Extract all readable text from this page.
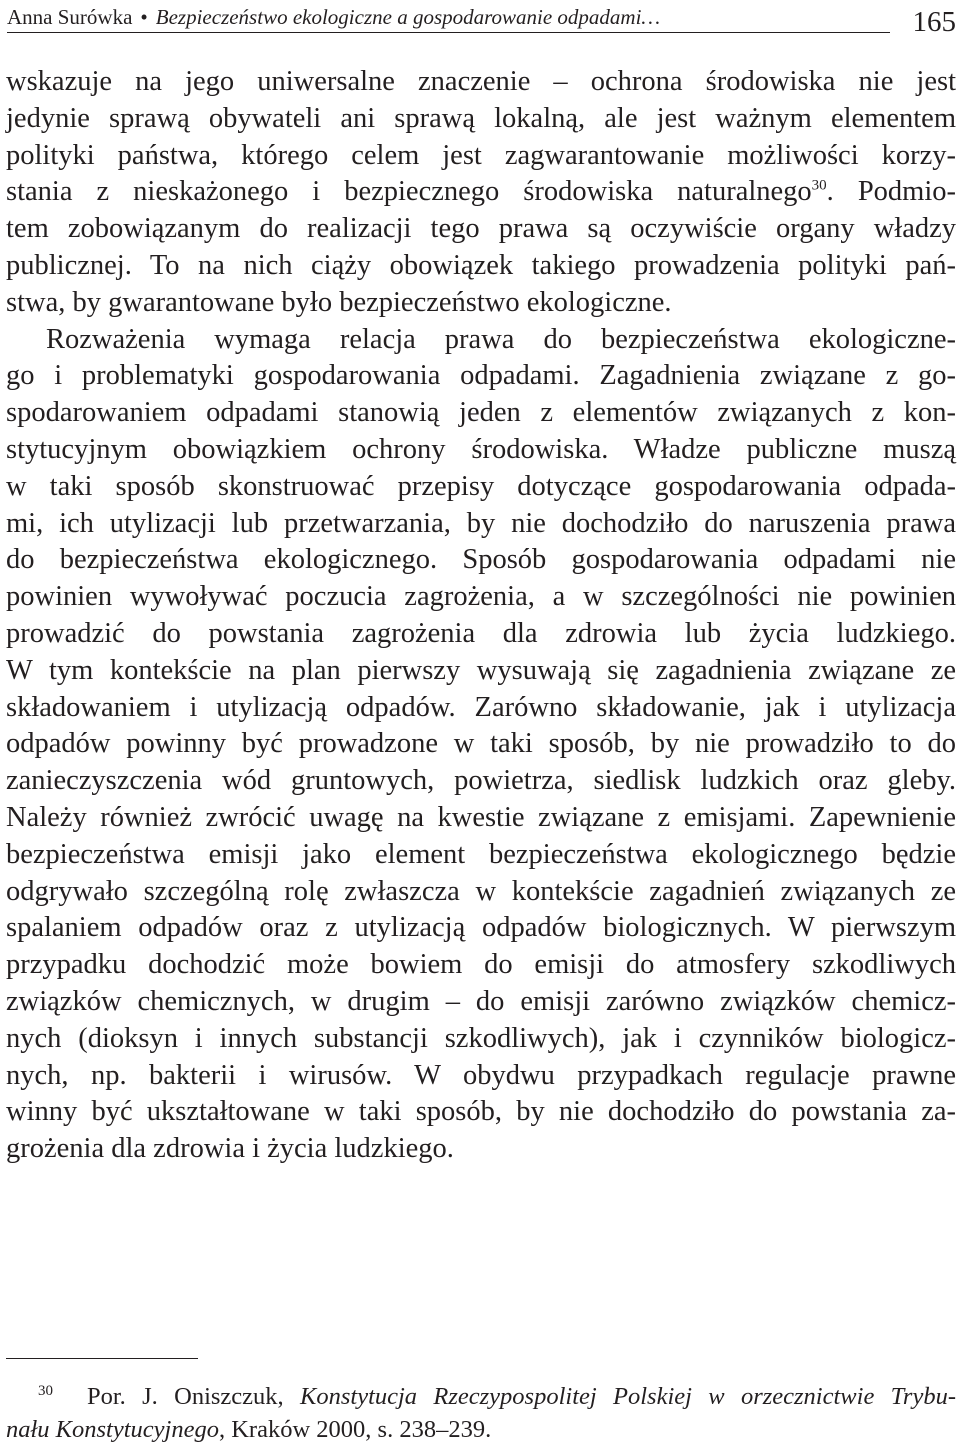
Anna Surówka • Bezpieczeństwo ekologiczne a gospodarowanie odpadami…	165
wskazuje na jego uniwersalne znaczenie – ochrona środowiska nie jest
jedynie sprawą obywateli ani sprawą lokalną, ale jest ważnym elementem
polityki państwa, którego celem jest zagwarantowanie możliwości korzy-
stania z nieskażonego i bezpiecznego środowiska naturalnego$^{30}$. Podmio-
tem zobowiązanym do realizacji tego prawa są oczywiście organy władzy
publicznej. To na nich ciąży obowiązek takiego prowadzenia polityki pań-
stwa, by gwarantowane było bezpieczeństwo ekologiczne.
Rozważenia wymaga relacja prawa do bezpieczeństwa ekologiczne-
go i problematyki gospodarowania odpadami. Zagadnienia związane z go-
spodarowaniem odpadami stanowią jeden z elementów związanych z kon-
stytucyjnym obowiązkiem ochrony środowiska. Władze publiczne muszą
w taki sposób skonstruować przepisy dotyczące gospodarowania odpada-
mi, ich utylizacji lub przetwarzania, by nie dochodziło do naruszenia prawa
do bezpieczeństwa ekologicznego. Sposób gospodarowania odpadami nie
powinien wywoływać poczucia zagrożenia, a w szczególności nie powinien
prowadzić do powstania zagrożenia dla zdrowia lub życia ludzkiego.
W tym kontekście na plan pierwszy wysuwają się zagadnienia związane ze
składowaniem i utylizacją odpadów. Zarówno składowanie, jak i utylizacja
odpadów powinny być prowadzone w taki sposób, by nie prowadziło to do
zanieczyszczenia wód gruntowych, powietrza, siedlisk ludzkich oraz gleby.
Należy również zwrócić uwagę na kwestie związane z emisjami. Zapewnienie
bezpieczeństwa emisji jako element bezpieczeństwa ekologicznego będzie
odgrywało szczególną rolę zwłaszcza w kontekście zagadnień związanych ze
spalaniem odpadów oraz z utylizacją odpadów biologicznych. W pierwszym
przypadku dochodzić może bowiem do emisji do atmosfery szkodliwych
związków chemicznych, w drugim – do emisji zarówno związków chemicz-
nych (dioksyn i innych substancji szkodliwych), jak i czynników biologicz-
nych, np. bakterii i wirusów. W obydwu przypadkach regulacje prawne
winny być ukształtowane w taki sposób, by nie dochodziło do powstania za-
grożenia dla zdrowia i życia ludzkiego.
30 Por. J. Oniszczuk, Konstytucja Rzeczypospolitej Polskiej w orzecznictwie Trybu-
nału Konstytucyjnego, Kraków 2000, s. 238–239.
